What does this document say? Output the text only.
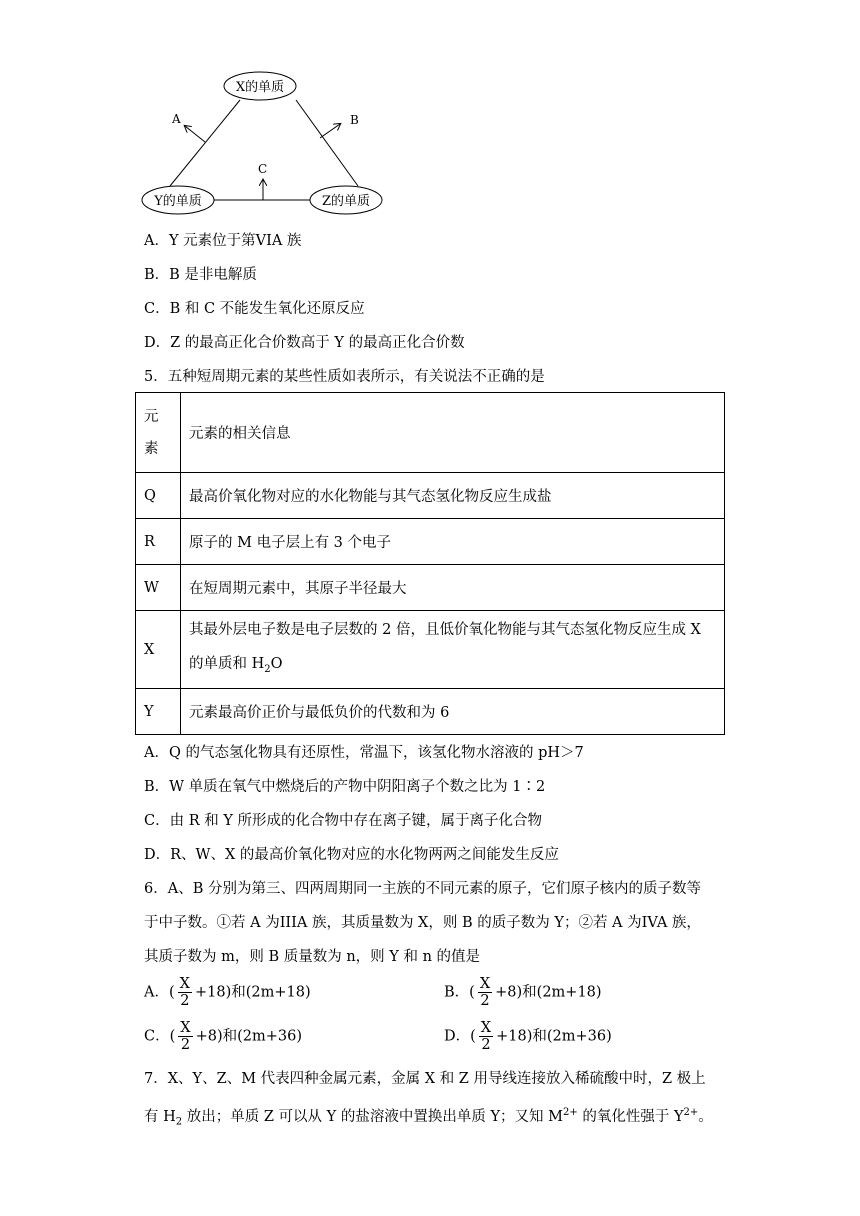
X的单质
Y的单质	Z的单质
A	B
C
A．Y 元素位于第VIA 族
B．B 是非电解质
C．B 和 C 不能发生氧化还原反应
D．Z 的最高正化合价数高于 Y 的最高正化合价数
5．五种短周期元素的某些性质如表所示，有关说法不正确的是
元
素	元素的相关信息
Q	最高价氧化物对应的水化物能与其气态氢化物反应生成盐
R	原子的 M 电子层上有 3 个电子
W	在短周期元素中，其原子半径最大
X	其最外层电子数是电子层数的 2 倍，且低价氧化物能与其气态氢化物反应生成 X
的单质和 $H_2O$

Y	元素最高价正价与最低负价的代数和为 6
A．Q 的气态氢化物具有还原性，常温下，该氢化物水溶液的 pH＞7
B．W 单质在氧气中燃烧后的产物中阴阳离子个数之比为 1∶2
C．由 R 和 Y 所形成的化合物中存在离子键，属于离子化合物
D．R、W、X 的最高价氧化物对应的水化物两两之间能发生反应
6．A、B 分别为第三、四两周期同一主族的不同元素的原子，它们原子核内的质子数等
于中子数。①若 A 为IIIA 族，其质量数为 X，则 B 的质子数为 Y；②若 A 为IVA 族，
其质子数为 m，则 B 质量数为 n，则 Y 和 n 的值是
A．( $\frac{X}{2} +18$)和(2m+18)	B．( $\frac{X}{2} +8$)和(2m+18)
C．( $\frac{X}{2} +8$)和(2m+36)	D．( $\frac{X}{2} +18$)和(2m+36)
7．X、Y、Z、M 代表四种金属元素，金属 X 和 Z 用导线连接放入稀硫酸中时，Z 极上
有 $H_2$ 放出；单质 Z 可以从 Y 的盐溶液中置换出单质 Y；又知 $M^{2+}$ 的氧化性强于 $Y^{2+}$。
